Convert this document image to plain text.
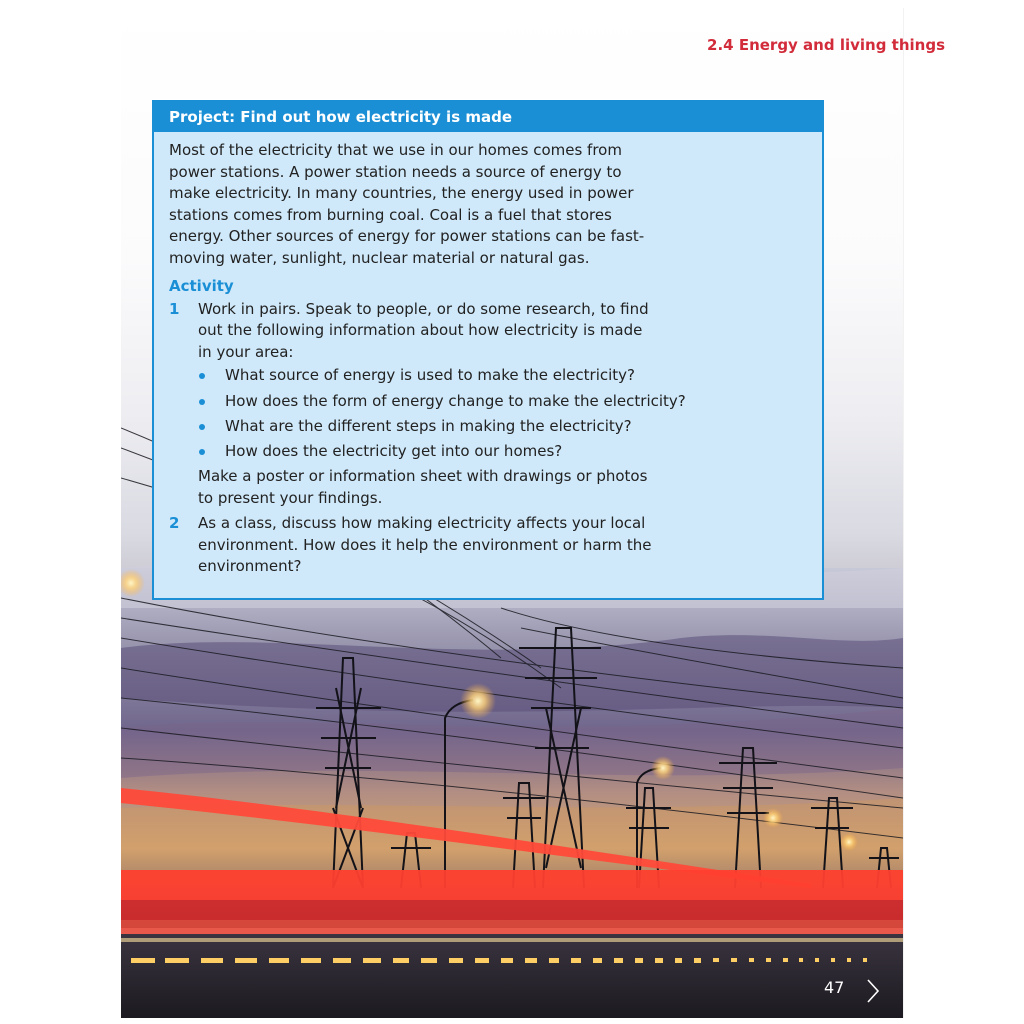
Project: Find out how electricity is made

Most of the electricity that we use in our homes comes from power stations. A power station needs a source of energy to make electricity. In many countries, the energy used in power stations comes from burning coal. Coal is a fuel that stores energy. Other sources of energy for power stations can be fast-moving water, sunlight, nuclear material or natural gas.

Activity
1	Work in pairs. Speak to people, or do some research, to find out the following information about how electricity is made in your area:

What source of energy is used to make the electricity?
How does the form of energy change to make the electricity?
What are the different steps in making the electricity?
How does the electricity get into our homes?

Make a poster or information sheet with drawings or photos to present your findings.

2	As a class, discuss how making electricity affects your local environment. How does it help the environment or harm the environment?

47
2.4 Energy and living things
